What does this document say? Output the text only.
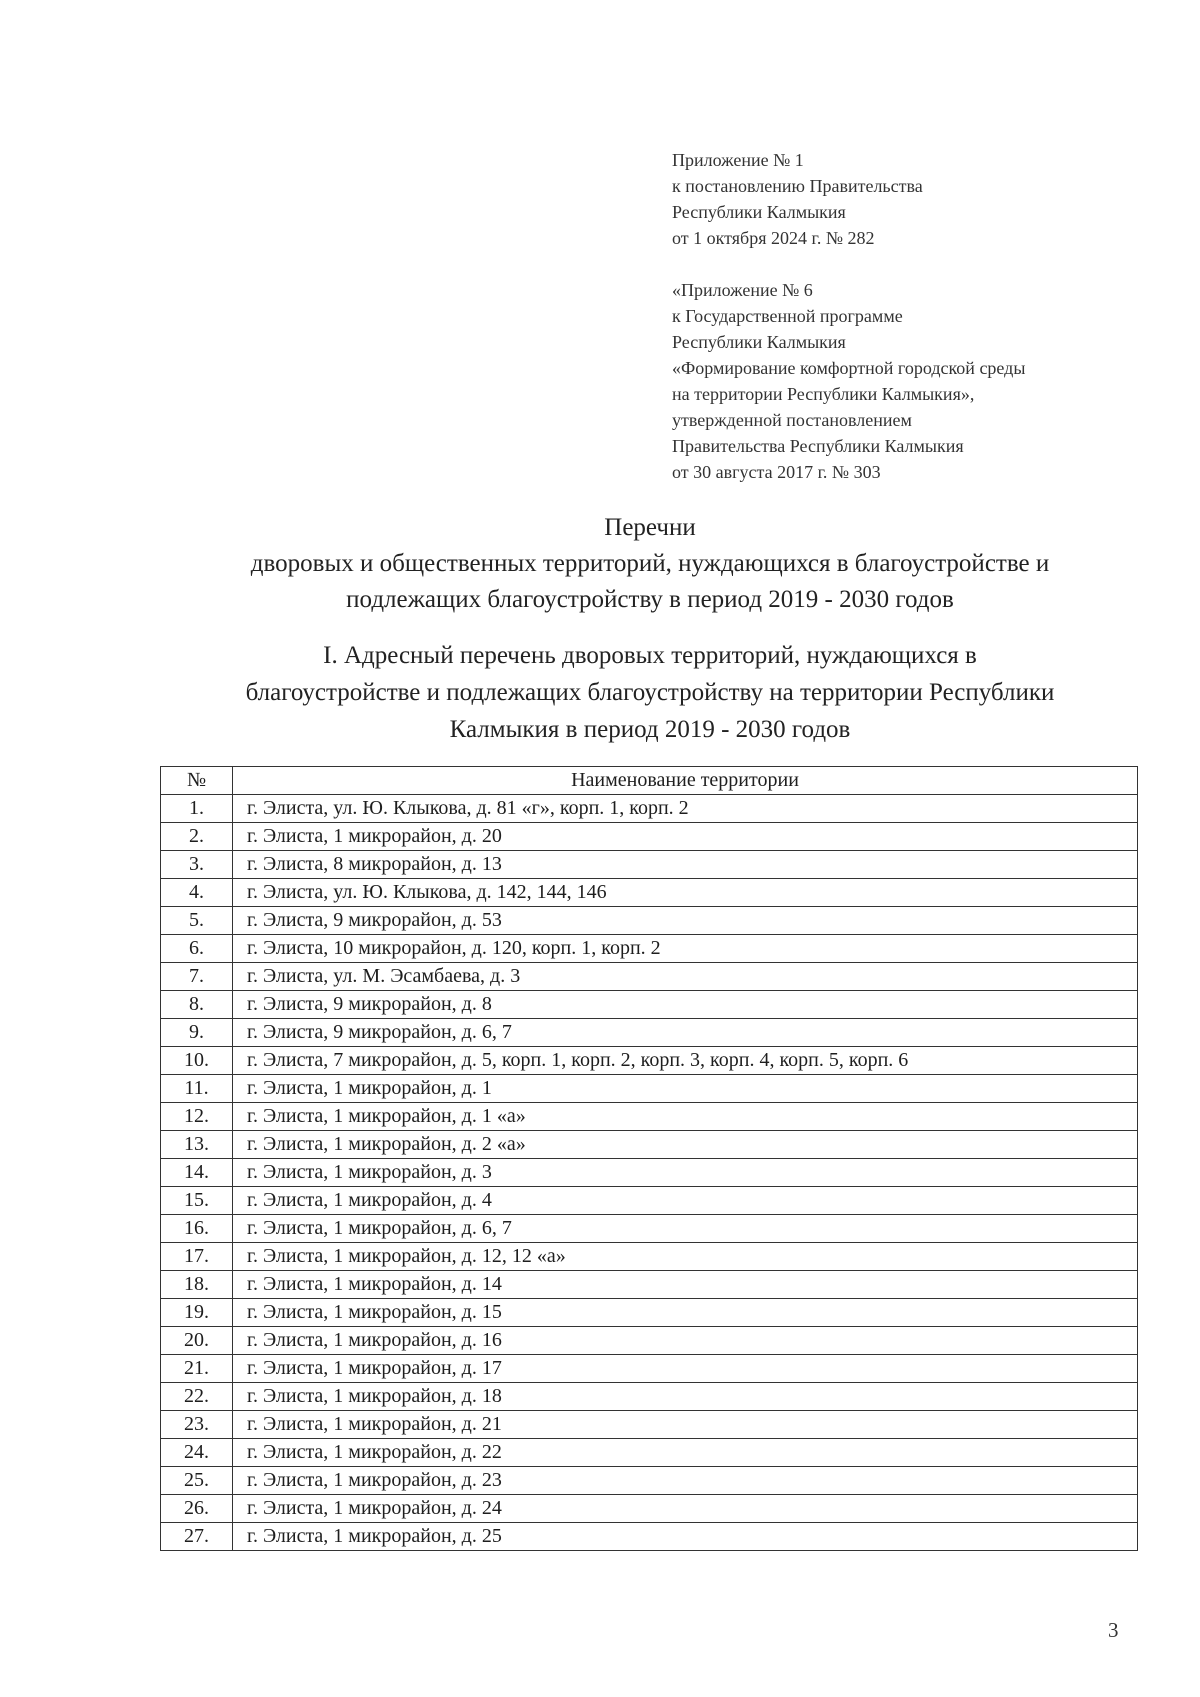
Приложение № 1
к постановлению Правительства
Республики Калмыкия
от 1 октября 2024 г. № 282
«Приложение № 6
к Государственной программе
Республики Калмыкия
«Формирование комфортной городской среды
на территории Республики Калмыкия»,
утвержденной постановлением
Правительства Республики Калмыкия
от 30 августа 2017 г. № 303
Перечни
дворовых и общественных территорий, нуждающихся в благоустройстве и
подлежащих благоустройству в период 2019 - 2030 годов
I. Адресный перечень дворовых территорий, нуждающихся в
благоустройстве и подлежащих благоустройству на территории Республики
Калмыкия в период 2019 - 2030 годов
№	Наименование территории
1.	г. Элиста, ул. Ю. Клыкова, д. 81 «г», корп. 1, корп. 2
2.	г. Элиста, 1 микрорайон, д. 20
3.	г. Элиста, 8 микрорайон, д. 13
4.	г. Элиста, ул. Ю. Клыкова, д. 142, 144, 146
5.	г. Элиста, 9 микрорайон, д. 53
6.	г. Элиста, 10 микрорайон, д. 120, корп. 1, корп. 2
7.	г. Элиста, ул. М. Эсамбаева, д. 3
8.	г. Элиста, 9 микрорайон, д. 8
9.	г. Элиста, 9 микрорайон, д. 6, 7
10.	г. Элиста, 7 микрорайон, д. 5, корп. 1, корп. 2, корп. 3, корп. 4, корп. 5, корп. 6
11.	г. Элиста, 1 микрорайон, д. 1
12.	г. Элиста, 1 микрорайон, д. 1 «а»
13.	г. Элиста, 1 микрорайон, д. 2 «а»
14.	г. Элиста, 1 микрорайон, д. 3
15.	г. Элиста, 1 микрорайон, д. 4
16.	г. Элиста, 1 микрорайон, д. 6, 7
17.	г. Элиста, 1 микрорайон, д. 12, 12 «а»
18.	г. Элиста, 1 микрорайон, д. 14
19.	г. Элиста, 1 микрорайон, д. 15
20.	г. Элиста, 1 микрорайон, д. 16
21.	г. Элиста, 1 микрорайон, д. 17
22.	г. Элиста, 1 микрорайон, д. 18
23.	г. Элиста, 1 микрорайон, д. 21
24.	г. Элиста, 1 микрорайон, д. 22
25.	г. Элиста, 1 микрорайон, д. 23
26.	г. Элиста, 1 микрорайон, д. 24
27.	г. Элиста, 1 микрорайон, д. 25
3
